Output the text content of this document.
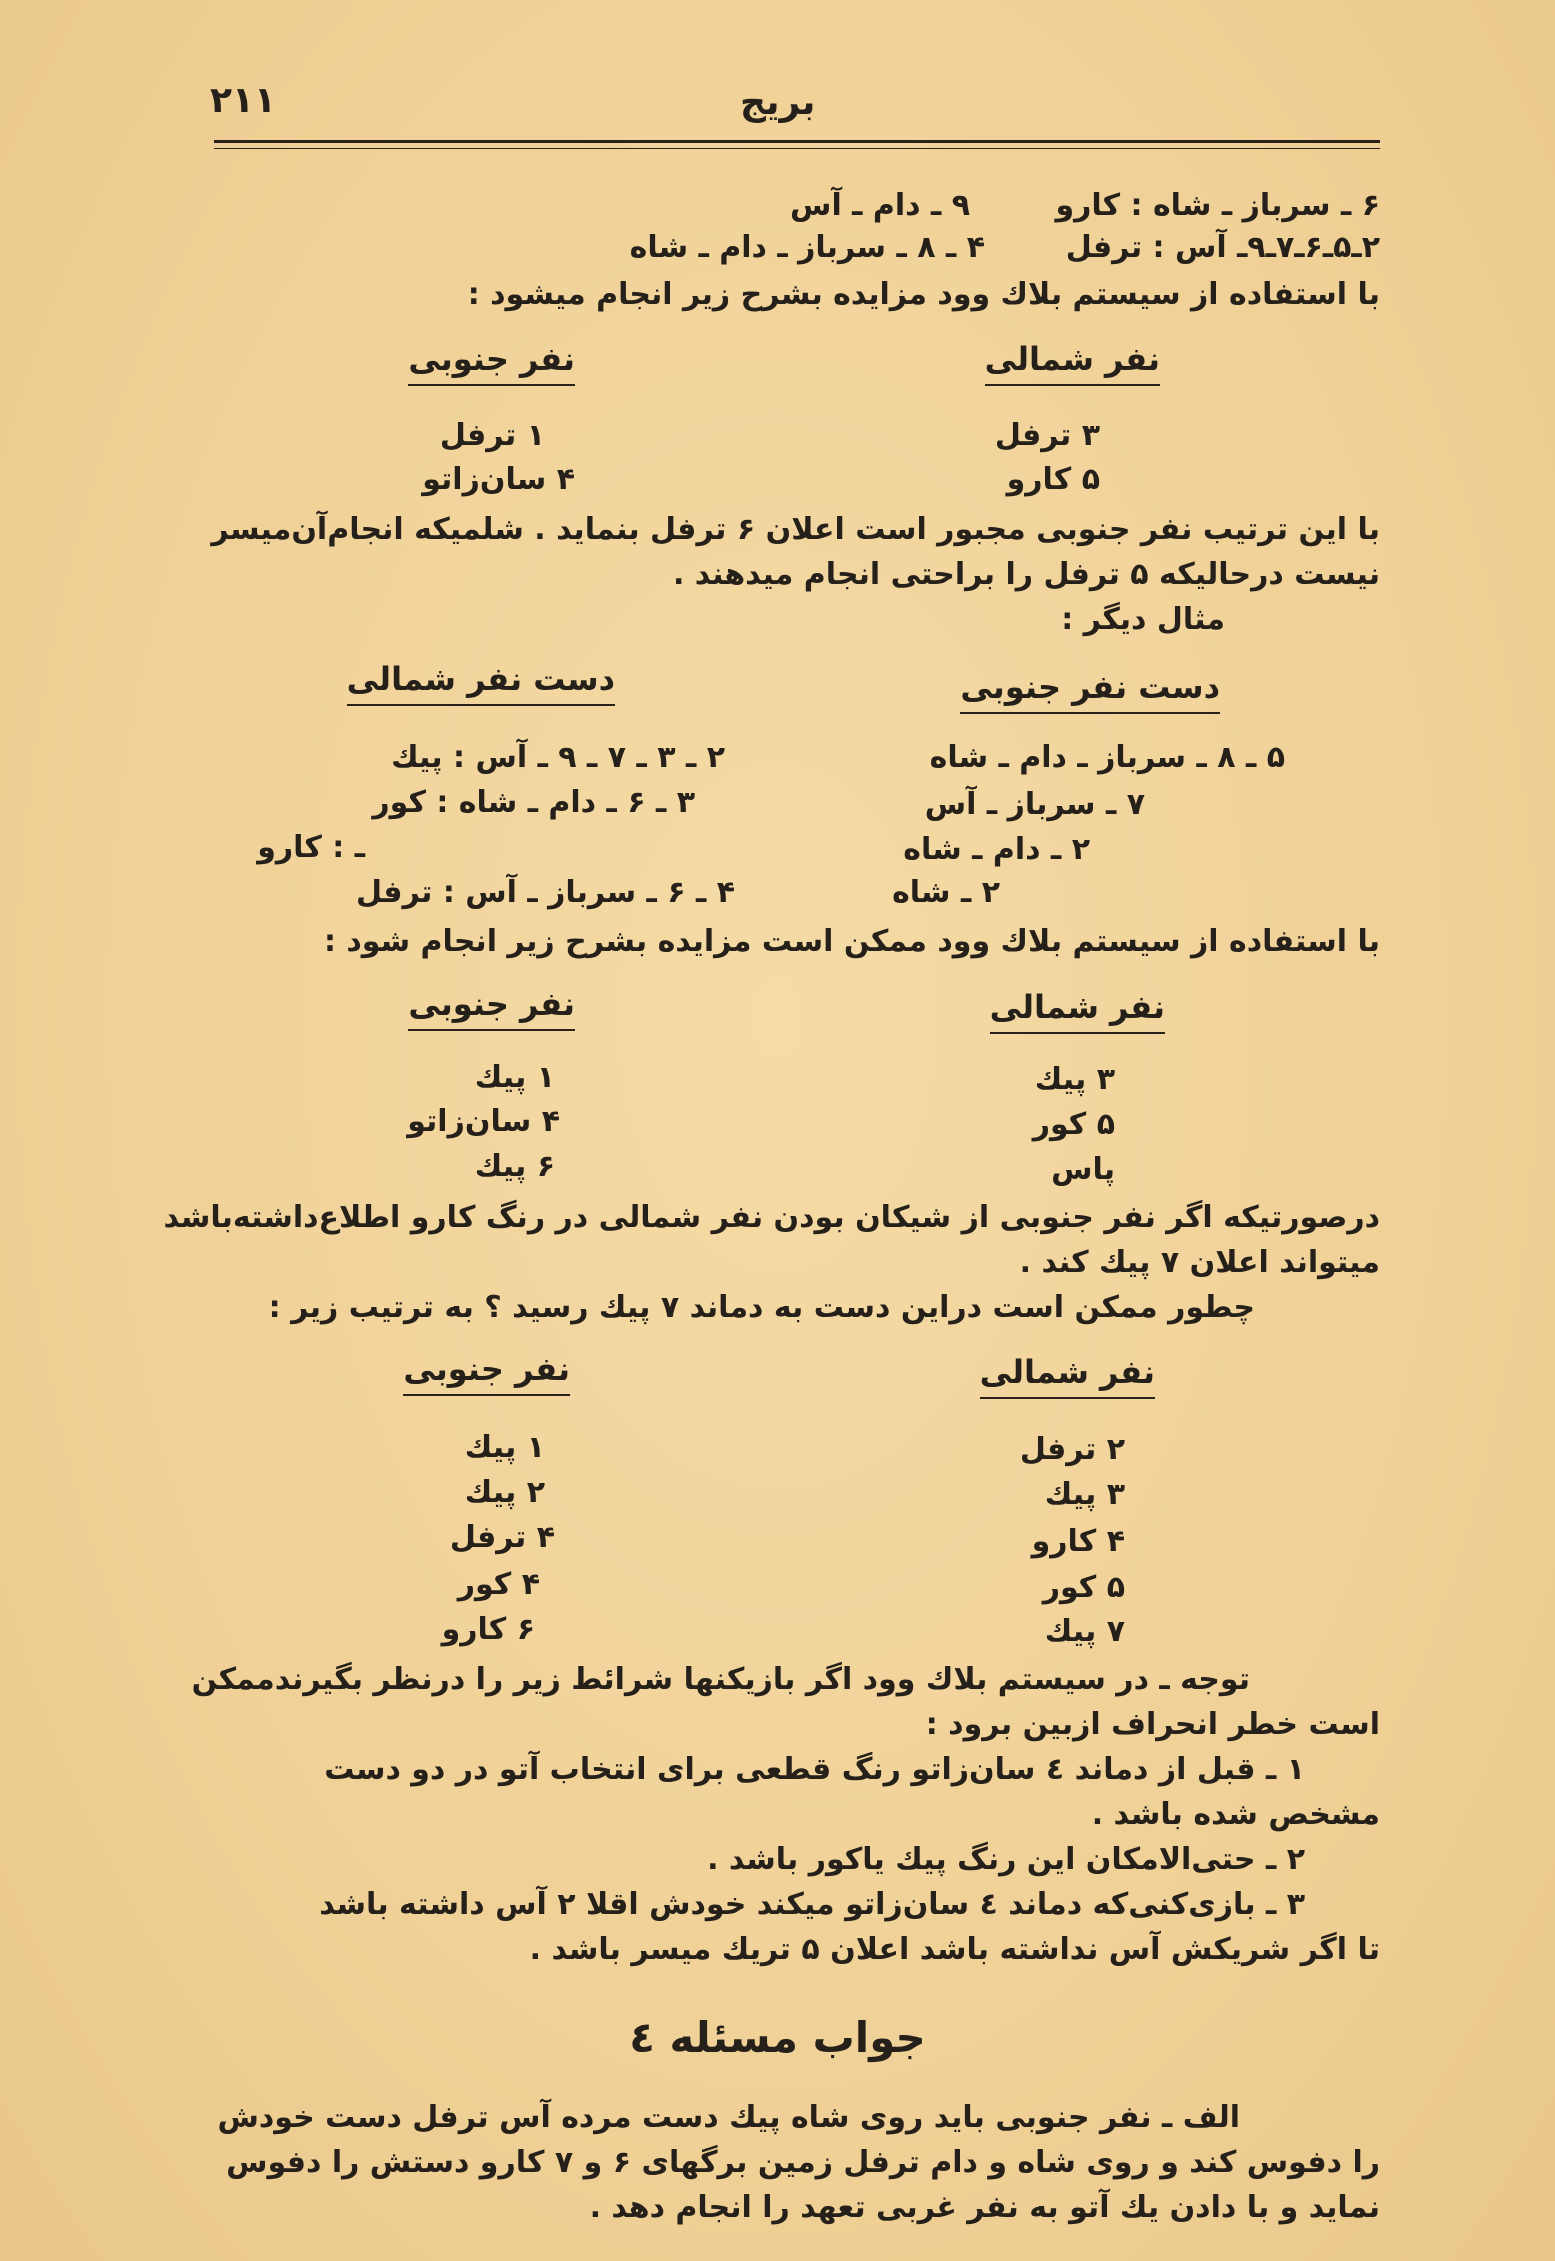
۲۱۱	بریج
۶ ـ سرباز ـ شاه : کارو
۹ ـ دام ـ آس
۲ـ۵ـ۶ـ۷ـ۹ـ آس : ترفل
۴ ـ ۸ ـ سرباز ـ دام ـ شاه
با استفاده از سیستم بلاك وود مزایده بشرح زیر انجام میشود :
نفر شمالی
نفر جنوبی
۳ ترفل
۱ ترفل
۵ کارو
۴ سان‌زاتو
با این ترتیب نفر جنوبی مجبور است اعلان ۶ ترفل بنماید . شلمیکه انجام‌آن‌میسر
نیست درحالیکه ۵ ترفل را براحتی انجام میدهند .
مثال دیگر :
دست نفر جنوبی
دست نفر شمالی
۵ ـ ۸ ـ سرباز ـ دام ـ شاه
۲ ـ ۳ ـ ۷ ـ ۹ ـ آس : پیك
۷ ـ سرباز ـ آس
۳ ـ ۶ ـ دام ـ شاه : کور
۲ ـ دام ـ شاه
ـ : کارو
۲ ـ شاه
۴ ـ ۶ ـ سرباز ـ آس : ترفل
با استفاده از سیستم بلاك وود ممکن است مزایده بشرح زیر انجام شود :
نفر شمالی
نفر جنوبی
۳ پیك
۱ پیك
۵ کور
۴ سان‌زاتو
پاس
۶ پیك
درصورتیکه اگر نفر جنوبی از شیکان بودن نفر شمالی در رنگ کارو اطلاع‌داشته‌باشد
میتواند اعلان ۷ پیك کند .
چطور ممکن است دراین دست به دماند ۷ پیك رسید ؟ به ترتیب زیر :
نفر شمالی
نفر جنوبی
۲ ترفل
۱ پیك
۳ پیك
۲ پیك
۴ کارو
۴ ترفل
۵ کور
۴ کور
۷ پیك
۶ کارو
توجه ـ در سیستم بلاك وود اگر بازیکنها شرائط زیر را درنظر بگیرندممکن
است خطر انحراف ازبین برود :
۱ ـ قبل از دماند ٤ سان‌زاتو رنگ قطعی برای انتخاب آتو در دو دست
مشخص شده باشد .
۲ ـ حتی‌الامکان این رنگ پیك یاکور باشد .
۳ ـ بازی‌کنی‌که دماند ٤ سان‌زاتو میکند خودش اقلا ۲ آس داشته باشد
تا اگر شریکش آس نداشته باشد اعلان ۵ تریك میسر باشد .
جواب مسئله ٤
الف ـ نفر جنوبی باید روی شاه پیك دست مرده آس ترفل دست خودش
را دفوس کند و روی شاه و دام ترفل زمین برگهای ۶ و ۷ کارو دستش را دفوس
نماید و با دادن یك آتو به نفر غربی تعهد را انجام دهد .
